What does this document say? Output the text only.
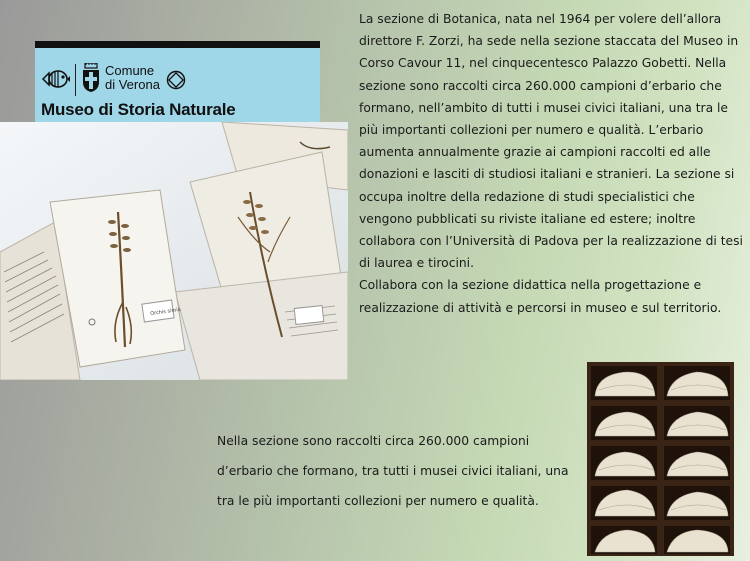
Comune
di Verona
Museo di Storia Naturale
Orchis simia

La sezione di Botanica, nata nel 1964 per volere dell’allora direttore F. Zorzi, ha sede nella sezione staccata del Museo in Corso Cavour 11, nel cinquecentesco Palazzo Gobetti. Nella sezione sono raccolti circa 260.000 campioni d’erbario che formano, nell’ambito di tutti i musei civici italiani, una tra le più importanti collezioni per numero e qualità. L’erbario aumenta annualmente grazie ai campioni raccolti ed alle donazioni e lasciti di studiosi italiani e stranieri. La sezione si occupa inoltre della redazione di studi specialistici che vengono pubblicati su riviste italiane ed estere; inoltre collabora con l’Università di Padova per la realizzazione di tesi di laurea e tirocini.

Collabora con la sezione didattica nella progettazione e realizzazione di attività e percorsi in museo e sul territorio.

Nella sezione sono raccolti circa 260.000 campioni

d’erbario che formano, tra tutti i musei civici italiani, una

tra le più importanti collezioni per numero e qualità.
